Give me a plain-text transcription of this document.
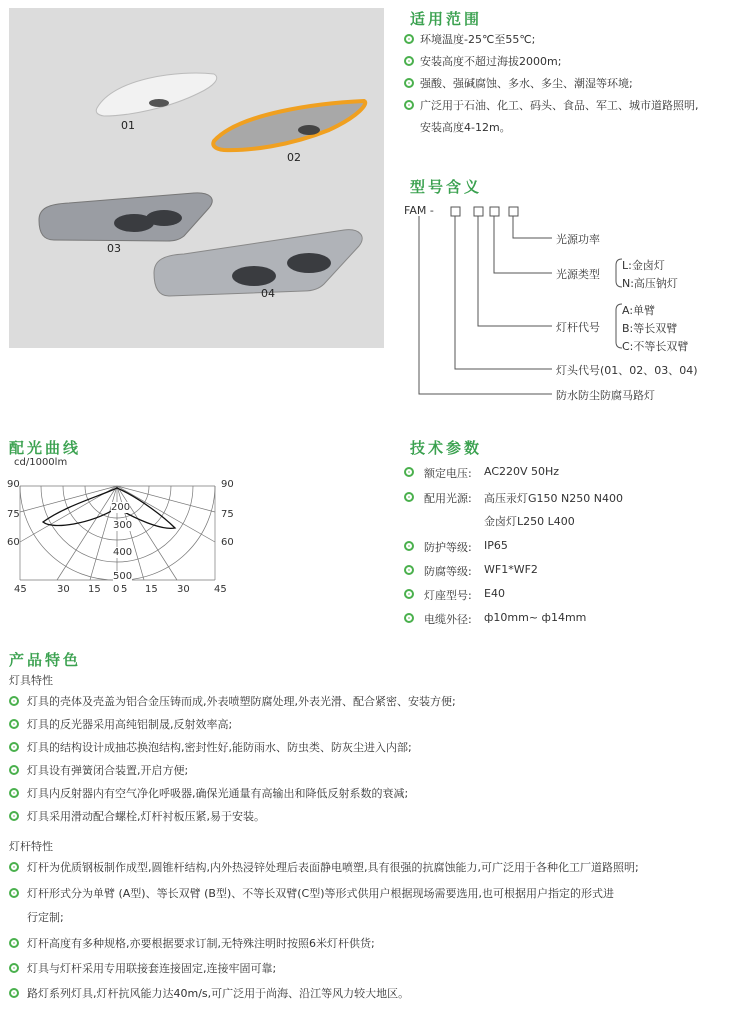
01
02
03
04
适用范围
环境温度-25℃至55℃;
安装高度不超过海拔2000m;
强酸、强碱腐蚀、多水、多尘、潮湿等环境;
广泛用于石油、化工、码头、食品、军工、城市道路照明,
安装高度4-12m。
型号含义
FAM -
光源功率
光源类型
L:金卤灯
N:高压钠灯
灯杆代号
A:单臂
B:等长双臂
C:不等长双臂
灯头代号(01、02、03、04)
防水防尘防腐马路灯
配光曲线
cd/1000lm
90
75
60
90
75
60
200
300
400
500
45	30 15 0 5 15 30 45
技术参数
额定电压: AC220V 50Hz
配用光源: 高压汞灯G150 N250 N400
金卤灯L250 L400
防护等级: IP65
防腐等级: WF1*WF2
灯座型号: E40
电缆外径: ф10mm~ ф14mm
产品特色
灯具特性
灯具的壳体及壳盖为铝合金压铸而成,外表喷塑防腐处理,外表光滑、配合紧密、安装方便;
灯具的反光器采用高纯铝制晟,反射效率高;
灯具的结构设计成抽芯换泡结构,密封性好,能防雨水、防虫类、防灰尘进入内部;
灯具设有弹簧闭合装置,开启方便;
灯具内反射器内有空气净化呼吸器,确保光通量有高输出和降低反射系数的衰减;
灯具采用滑动配合螺栓,灯杆衬板压紧,易于安装。
灯杆特性
灯杆为优质钢板制作成型,圆锥杆结构,内外热浸锌处理后表面静电喷塑,具有很强的抗腐蚀能力,可广泛用于各种化工厂道路照明;
灯杆形式分为单臂 (A型)、等长双臂 (B型)、不等长双臂(C型)等形式供用户根据现场需要选用,也可根据用户指定的形式进
行定制;
灯杆高度有多种规格,亦要根据要求订制,无特殊注明时按照6米灯杆供货;
灯具与灯杆采用专用联接套连接固定,连接牢固可靠;
路灯系列灯具,灯杆抗风能力达40m/s,可广泛用于尚海、沿江等风力较大地区。
